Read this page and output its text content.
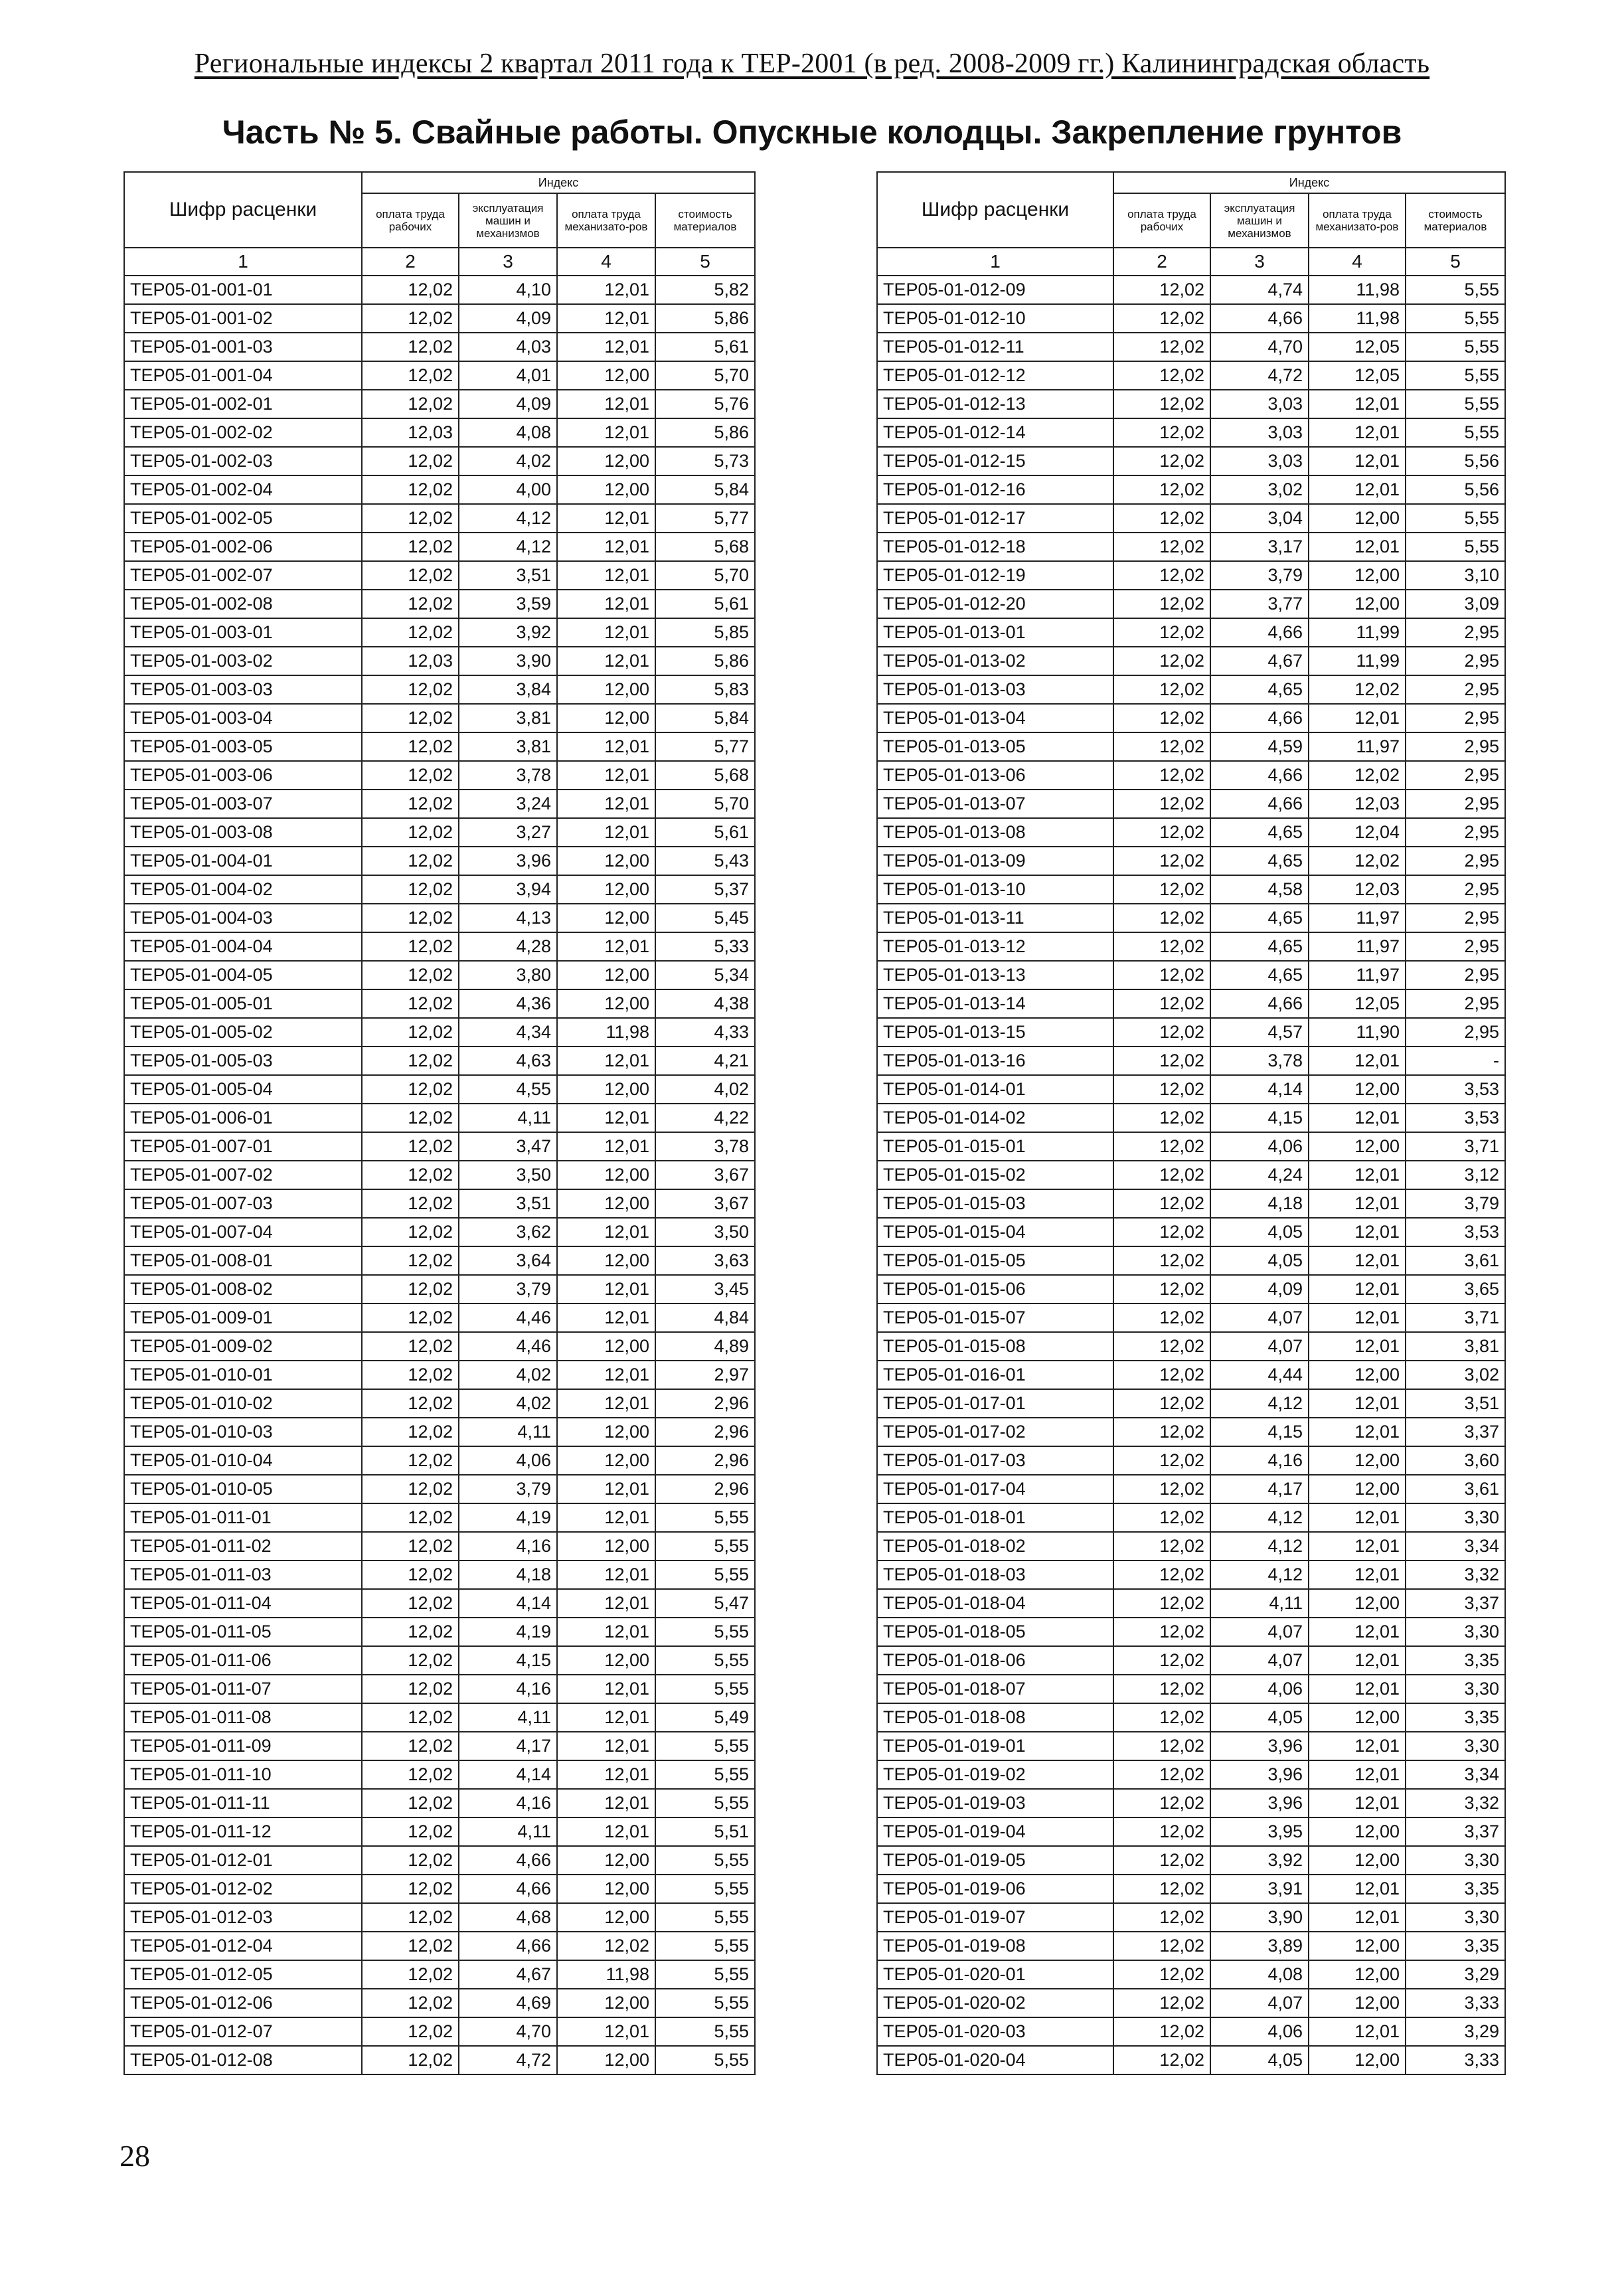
Региональные индексы 2 квартал 2011 года к ТЕР-2001 (в ред. 2008-2009 гг.) Калининградская область
Часть № 5. Свайные работы. Опускные колодцы. Закрепление грунтов
Шифр расценки	Индекс			
	оплата труда рабочих	эксплуатация машин и механизмов	оплата труда механизато-ров	стоимость материалов
1	2	3	4	5
ТЕР05-01-001-01	12,02	4,10	12,01	5,82
ТЕР05-01-001-02	12,02	4,09	12,01	5,86
ТЕР05-01-001-03	12,02	4,03	12,01	5,61
ТЕР05-01-001-04	12,02	4,01	12,00	5,70
ТЕР05-01-002-01	12,02	4,09	12,01	5,76
ТЕР05-01-002-02	12,03	4,08	12,01	5,86
ТЕР05-01-002-03	12,02	4,02	12,00	5,73
ТЕР05-01-002-04	12,02	4,00	12,00	5,84
ТЕР05-01-002-05	12,02	4,12	12,01	5,77
ТЕР05-01-002-06	12,02	4,12	12,01	5,68
ТЕР05-01-002-07	12,02	3,51	12,01	5,70
ТЕР05-01-002-08	12,02	3,59	12,01	5,61
ТЕР05-01-003-01	12,02	3,92	12,01	5,85
ТЕР05-01-003-02	12,03	3,90	12,01	5,86
ТЕР05-01-003-03	12,02	3,84	12,00	5,83
ТЕР05-01-003-04	12,02	3,81	12,00	5,84
ТЕР05-01-003-05	12,02	3,81	12,01	5,77
ТЕР05-01-003-06	12,02	3,78	12,01	5,68
ТЕР05-01-003-07	12,02	3,24	12,01	5,70
ТЕР05-01-003-08	12,02	3,27	12,01	5,61
ТЕР05-01-004-01	12,02	3,96	12,00	5,43
ТЕР05-01-004-02	12,02	3,94	12,00	5,37
ТЕР05-01-004-03	12,02	4,13	12,00	5,45
ТЕР05-01-004-04	12,02	4,28	12,01	5,33
ТЕР05-01-004-05	12,02	3,80	12,00	5,34
ТЕР05-01-005-01	12,02	4,36	12,00	4,38
ТЕР05-01-005-02	12,02	4,34	11,98	4,33
ТЕР05-01-005-03	12,02	4,63	12,01	4,21
ТЕР05-01-005-04	12,02	4,55	12,00	4,02
ТЕР05-01-006-01	12,02	4,11	12,01	4,22
ТЕР05-01-007-01	12,02	3,47	12,01	3,78
ТЕР05-01-007-02	12,02	3,50	12,00	3,67
ТЕР05-01-007-03	12,02	3,51	12,00	3,67
ТЕР05-01-007-04	12,02	3,62	12,01	3,50
ТЕР05-01-008-01	12,02	3,64	12,00	3,63
ТЕР05-01-008-02	12,02	3,79	12,01	3,45
ТЕР05-01-009-01	12,02	4,46	12,01	4,84
ТЕР05-01-009-02	12,02	4,46	12,00	4,89
ТЕР05-01-010-01	12,02	4,02	12,01	2,97
ТЕР05-01-010-02	12,02	4,02	12,01	2,96
ТЕР05-01-010-03	12,02	4,11	12,00	2,96
ТЕР05-01-010-04	12,02	4,06	12,00	2,96
ТЕР05-01-010-05	12,02	3,79	12,01	2,96
ТЕР05-01-011-01	12,02	4,19	12,01	5,55
ТЕР05-01-011-02	12,02	4,16	12,00	5,55
ТЕР05-01-011-03	12,02	4,18	12,01	5,55
ТЕР05-01-011-04	12,02	4,14	12,01	5,47
ТЕР05-01-011-05	12,02	4,19	12,01	5,55
ТЕР05-01-011-06	12,02	4,15	12,00	5,55
ТЕР05-01-011-07	12,02	4,16	12,01	5,55
ТЕР05-01-011-08	12,02	4,11	12,01	5,49
ТЕР05-01-011-09	12,02	4,17	12,01	5,55
ТЕР05-01-011-10	12,02	4,14	12,01	5,55
ТЕР05-01-011-11	12,02	4,16	12,01	5,55
ТЕР05-01-011-12	12,02	4,11	12,01	5,51
ТЕР05-01-012-01	12,02	4,66	12,00	5,55
ТЕР05-01-012-02	12,02	4,66	12,00	5,55
ТЕР05-01-012-03	12,02	4,68	12,00	5,55
ТЕР05-01-012-04	12,02	4,66	12,02	5,55
ТЕР05-01-012-05	12,02	4,67	11,98	5,55
ТЕР05-01-012-06	12,02	4,69	12,00	5,55
ТЕР05-01-012-07	12,02	4,70	12,01	5,55
ТЕР05-01-012-08	12,02	4,72	12,00	5,55
Шифр расценки	Индекс			
	оплата труда рабочих	эксплуатация машин и механизмов	оплата труда механизато-ров	стоимость материалов
1	2	3	4	5
ТЕР05-01-012-09	12,02	4,74	11,98	5,55
ТЕР05-01-012-10	12,02	4,66	11,98	5,55
ТЕР05-01-012-11	12,02	4,70	12,05	5,55
ТЕР05-01-012-12	12,02	4,72	12,05	5,55
ТЕР05-01-012-13	12,02	3,03	12,01	5,55
ТЕР05-01-012-14	12,02	3,03	12,01	5,55
ТЕР05-01-012-15	12,02	3,03	12,01	5,56
ТЕР05-01-012-16	12,02	3,02	12,01	5,56
ТЕР05-01-012-17	12,02	3,04	12,00	5,55
ТЕР05-01-012-18	12,02	3,17	12,01	5,55
ТЕР05-01-012-19	12,02	3,79	12,00	3,10
ТЕР05-01-012-20	12,02	3,77	12,00	3,09
ТЕР05-01-013-01	12,02	4,66	11,99	2,95
ТЕР05-01-013-02	12,02	4,67	11,99	2,95
ТЕР05-01-013-03	12,02	4,65	12,02	2,95
ТЕР05-01-013-04	12,02	4,66	12,01	2,95
ТЕР05-01-013-05	12,02	4,59	11,97	2,95
ТЕР05-01-013-06	12,02	4,66	12,02	2,95
ТЕР05-01-013-07	12,02	4,66	12,03	2,95
ТЕР05-01-013-08	12,02	4,65	12,04	2,95
ТЕР05-01-013-09	12,02	4,65	12,02	2,95
ТЕР05-01-013-10	12,02	4,58	12,03	2,95
ТЕР05-01-013-11	12,02	4,65	11,97	2,95
ТЕР05-01-013-12	12,02	4,65	11,97	2,95
ТЕР05-01-013-13	12,02	4,65	11,97	2,95
ТЕР05-01-013-14	12,02	4,66	12,05	2,95
ТЕР05-01-013-15	12,02	4,57	11,90	2,95
ТЕР05-01-013-16	12,02	3,78	12,01	-
ТЕР05-01-014-01	12,02	4,14	12,00	3,53
ТЕР05-01-014-02	12,02	4,15	12,01	3,53
ТЕР05-01-015-01	12,02	4,06	12,00	3,71
ТЕР05-01-015-02	12,02	4,24	12,01	3,12
ТЕР05-01-015-03	12,02	4,18	12,01	3,79
ТЕР05-01-015-04	12,02	4,05	12,01	3,53
ТЕР05-01-015-05	12,02	4,05	12,01	3,61
ТЕР05-01-015-06	12,02	4,09	12,01	3,65
ТЕР05-01-015-07	12,02	4,07	12,01	3,71
ТЕР05-01-015-08	12,02	4,07	12,01	3,81
ТЕР05-01-016-01	12,02	4,44	12,00	3,02
ТЕР05-01-017-01	12,02	4,12	12,01	3,51
ТЕР05-01-017-02	12,02	4,15	12,01	3,37
ТЕР05-01-017-03	12,02	4,16	12,00	3,60
ТЕР05-01-017-04	12,02	4,17	12,00	3,61
ТЕР05-01-018-01	12,02	4,12	12,01	3,30
ТЕР05-01-018-02	12,02	4,12	12,01	3,34
ТЕР05-01-018-03	12,02	4,12	12,01	3,32
ТЕР05-01-018-04	12,02	4,11	12,00	3,37
ТЕР05-01-018-05	12,02	4,07	12,01	3,30
ТЕР05-01-018-06	12,02	4,07	12,01	3,35
ТЕР05-01-018-07	12,02	4,06	12,01	3,30
ТЕР05-01-018-08	12,02	4,05	12,00	3,35
ТЕР05-01-019-01	12,02	3,96	12,01	3,30
ТЕР05-01-019-02	12,02	3,96	12,01	3,34
ТЕР05-01-019-03	12,02	3,96	12,01	3,32
ТЕР05-01-019-04	12,02	3,95	12,00	3,37
ТЕР05-01-019-05	12,02	3,92	12,00	3,30
ТЕР05-01-019-06	12,02	3,91	12,01	3,35
ТЕР05-01-019-07	12,02	3,90	12,01	3,30
ТЕР05-01-019-08	12,02	3,89	12,00	3,35
ТЕР05-01-020-01	12,02	4,08	12,00	3,29
ТЕР05-01-020-02	12,02	4,07	12,00	3,33
ТЕР05-01-020-03	12,02	4,06	12,01	3,29
ТЕР05-01-020-04	12,02	4,05	12,00	3,33
28
